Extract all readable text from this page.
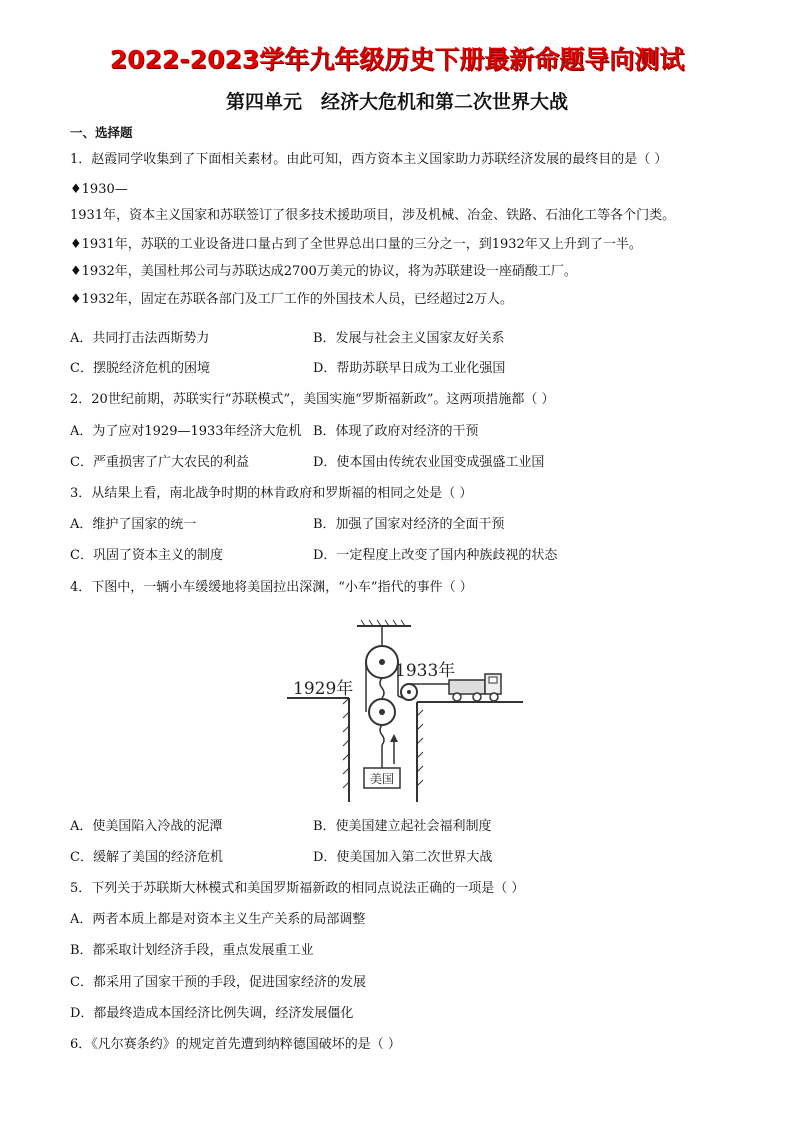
2022-2023学年九年级历史下册最新命题导向测试
第四单元　经济大危机和第二次世界大战
一、选择题
1．赵霞同学收集到了下面相关素材。由此可知，西方资本主义国家助力苏联经济发展的最终目的是（ ）
♦1930—
1931年，资本主义国家和苏联签订了很多技术援助项目，涉及机械、冶金、铁路、石油化工等各个门类。
♦1931年，苏联的工业设备进口量占到了全世界总出口量的三分之一，到1932年又上升到了一半。
♦1932年，美国杜邦公司与苏联达成2700万美元的协议，将为苏联建设一座硝酸工厂。
♦1932年，固定在苏联各部门及工厂工作的外国技术人员，已经超过2万人。
A．共同打击法西斯势力	B．发展与社会主义国家友好关系
C．摆脱经济危机的困境	D．帮助苏联早日成为工业化强国
2．20世纪前期，苏联实行“苏联模式”，美国实施“罗斯福新政”。这两项措施都（ ）
A．为了应对1929—1933年经济大危机 B．体现了政府对经济的干预
C．严重损害了广大农民的利益	D．使本国由传统农业国变成强盛工业国
3．从结果上看，南北战争时期的林肯政府和罗斯福的相同之处是（ ）
A．维护了国家的统一	B．加强了国家对经济的全面干预
C．巩固了资本主义的制度	D．一定程度上改变了国内种族歧视的状态
4．下图中，一辆小车缓缓地将美国拉出深渊，“小车”指代的事件（ ）
1929年
1933年
美国
A．使美国陷入冷战的泥潭	B．使美国建立起社会福利制度
C．缓解了美国的经济危机	D．使美国加入第二次世界大战
5．下列关于苏联斯大林模式和美国罗斯福新政的相同点说法正确的一项是（ ）
A．两者本质上都是对资本主义生产关系的局部调整
B．都采取计划经济手段，重点发展重工业
C．都采用了国家干预的手段，促进国家经济的发展
D．都最终造成本国经济比例失调，经济发展僵化
6．《凡尔赛条约》的规定首先遭到纳粹德国破坏的是（ ）
